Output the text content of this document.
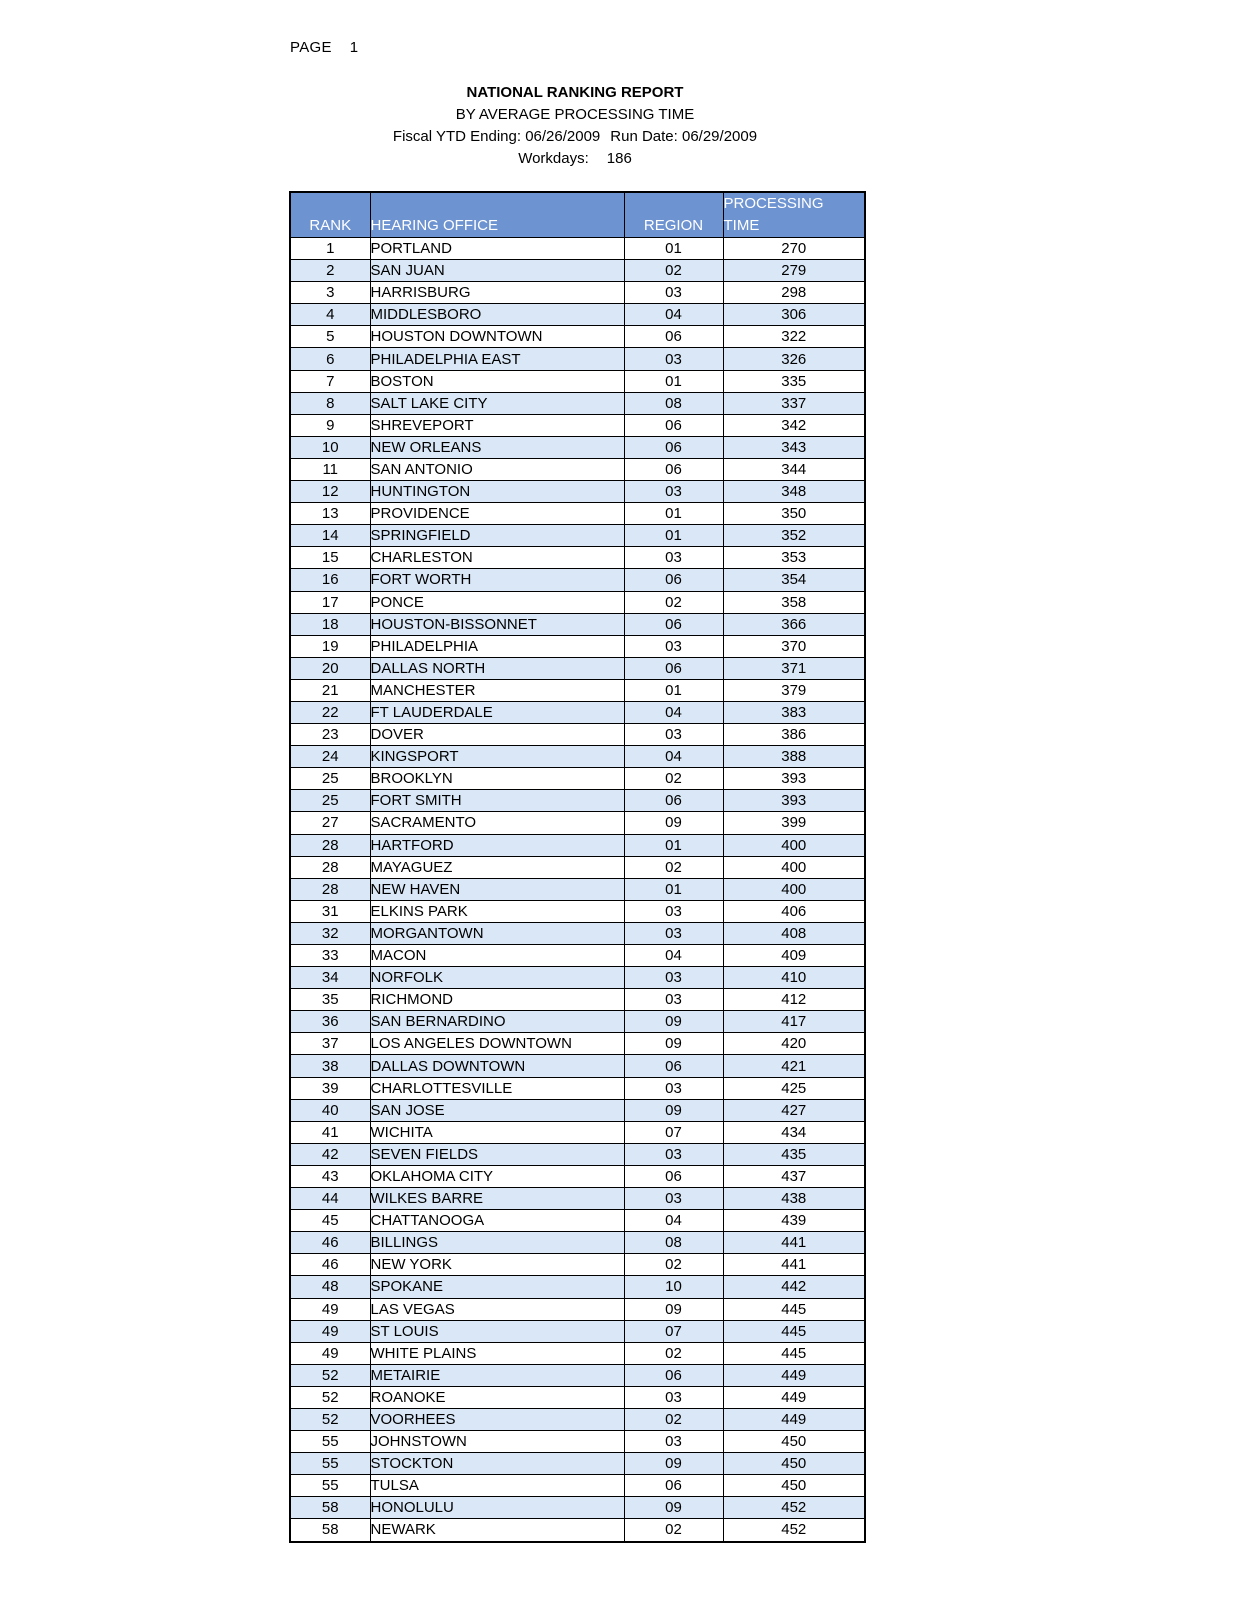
PAGE 1
NATIONAL RANKING REPORT
BY AVERAGE PROCESSING TIME
Fiscal YTD Ending: 06/26/2009 Run Date: 06/29/2009
Workdays: 186
RANK	HEARING OFFICE	REGION	PROCESSING
TIME
1	PORTLAND	01	270
2	SAN JUAN	02	279
3	HARRISBURG	03	298
4	MIDDLESBORO	04	306
5	HOUSTON DOWNTOWN	06	322
6	PHILADELPHIA EAST	03	326
7	BOSTON	01	335
8	SALT LAKE CITY	08	337
9	SHREVEPORT	06	342
10	NEW ORLEANS	06	343
11	SAN ANTONIO	06	344
12	HUNTINGTON	03	348
13	PROVIDENCE	01	350
14	SPRINGFIELD	01	352
15	CHARLESTON	03	353
16	FORT WORTH	06	354
17	PONCE	02	358
18	HOUSTON-BISSONNET	06	366
19	PHILADELPHIA	03	370
20	DALLAS NORTH	06	371
21	MANCHESTER	01	379
22	FT LAUDERDALE	04	383
23	DOVER	03	386
24	KINGSPORT	04	388
25	BROOKLYN	02	393
25	FORT SMITH	06	393
27	SACRAMENTO	09	399
28	HARTFORD	01	400
28	MAYAGUEZ	02	400
28	NEW HAVEN	01	400
31	ELKINS PARK	03	406
32	MORGANTOWN	03	408
33	MACON	04	409
34	NORFOLK	03	410
35	RICHMOND	03	412
36	SAN BERNARDINO	09	417
37	LOS ANGELES DOWNTOWN	09	420
38	DALLAS DOWNTOWN	06	421
39	CHARLOTTESVILLE	03	425
40	SAN JOSE	09	427
41	WICHITA	07	434
42	SEVEN FIELDS	03	435
43	OKLAHOMA CITY	06	437
44	WILKES BARRE	03	438
45	CHATTANOOGA	04	439
46	BILLINGS	08	441
46	NEW YORK	02	441
48	SPOKANE	10	442
49	LAS VEGAS	09	445
49	ST LOUIS	07	445
49	WHITE PLAINS	02	445
52	METAIRIE	06	449
52	ROANOKE	03	449
52	VOORHEES	02	449
55	JOHNSTOWN	03	450
55	STOCKTON	09	450
55	TULSA	06	450
58	HONOLULU	09	452
58	NEWARK	02	452
